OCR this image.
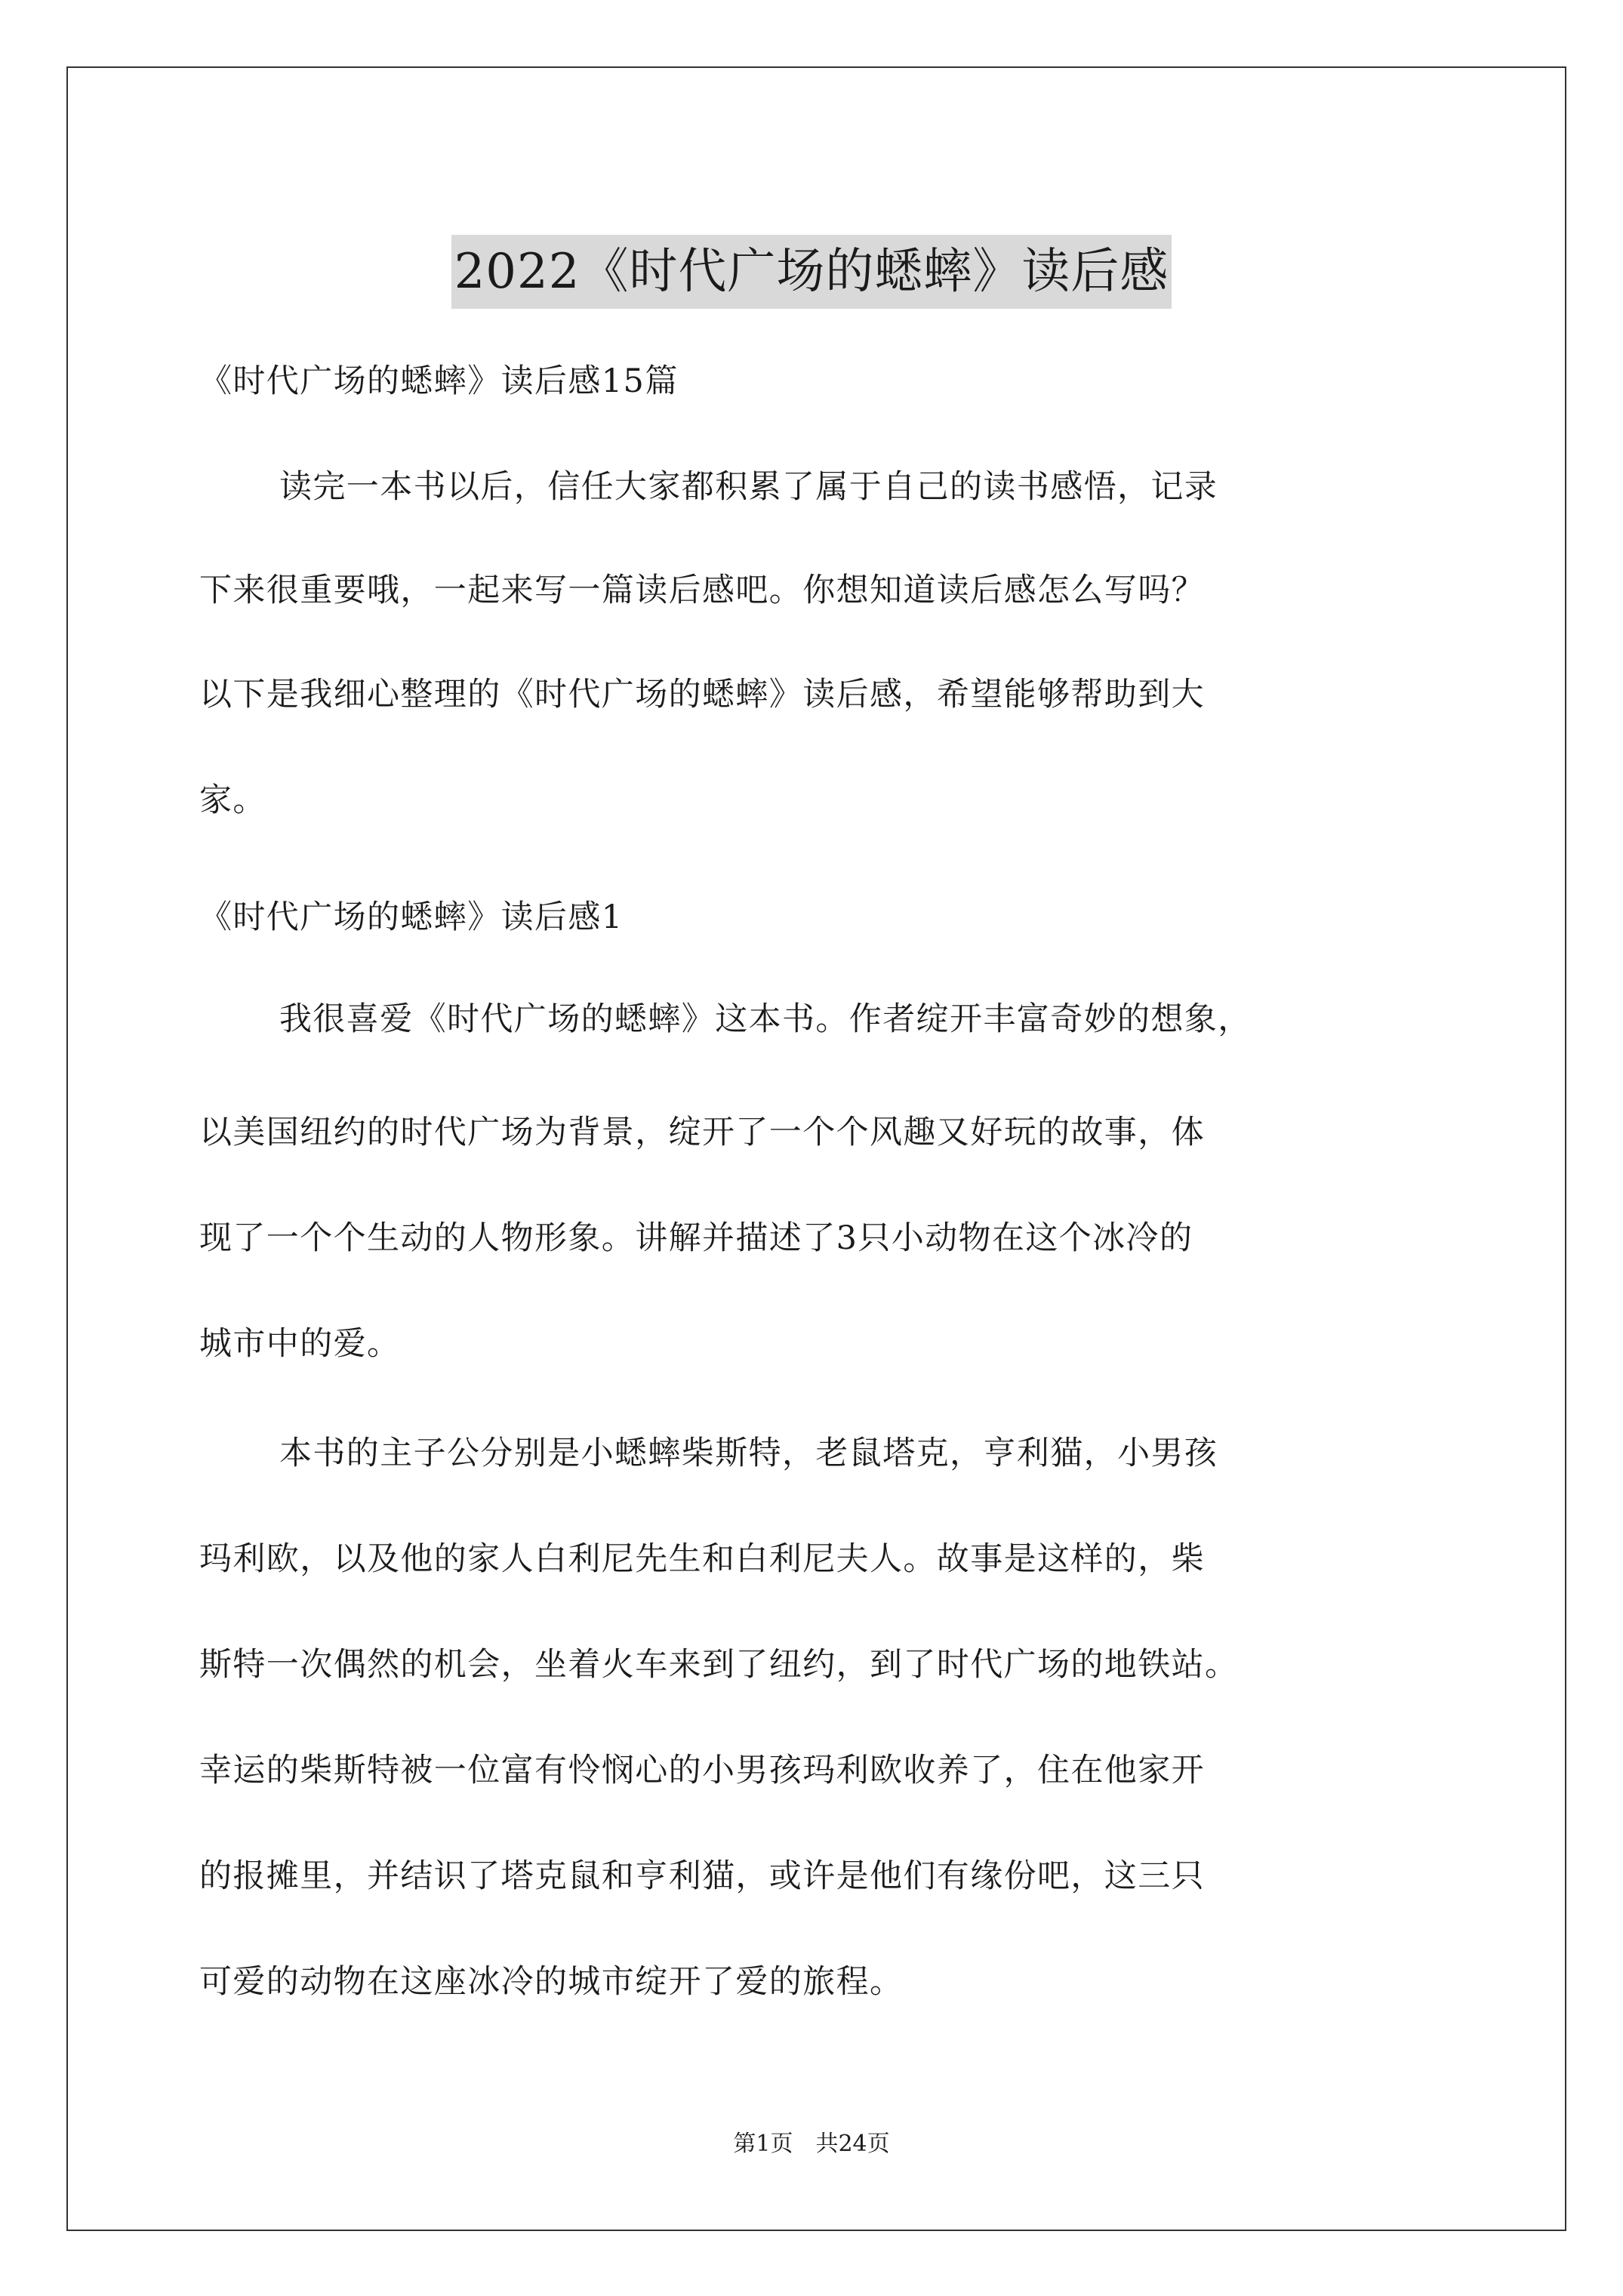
2022《时代广场的蟋蟀》读后感
《时代广场的蟋蟀》读后感15篇
读完一本书以后，信任大家都积累了属于自己的读书感悟，记录
下来很重要哦，一起来写一篇读后感吧。你想知道读后感怎么写吗？
以下是我细心整理的《时代广场的蟋蟀》读后感，希望能够帮助到大
家。
《时代广场的蟋蟀》读后感1
我很喜爱《时代广场的蟋蟀》这本书。作者绽开丰富奇妙的想象，
以美国纽约的时代广场为背景，绽开了一个个风趣又好玩的故事，体
现了一个个生动的人物形象。讲解并描述了3只小动物在这个冰冷的
城市中的爱。
本书的主子公分别是小蟋蟀柴斯特，老鼠塔克，亨利猫，小男孩
玛利欧，以及他的家人白利尼先生和白利尼夫人。故事是这样的，柴
斯特一次偶然的机会，坐着火车来到了纽约，到了时代广场的地铁站。
幸运的柴斯特被一位富有怜悯心的小男孩玛利欧收养了，住在他家开
的报摊里，并结识了塔克鼠和亨利猫，或许是他们有缘份吧，这三只
可爱的动物在这座冰冷的城市绽开了爱的旅程。
第1页　共24页
